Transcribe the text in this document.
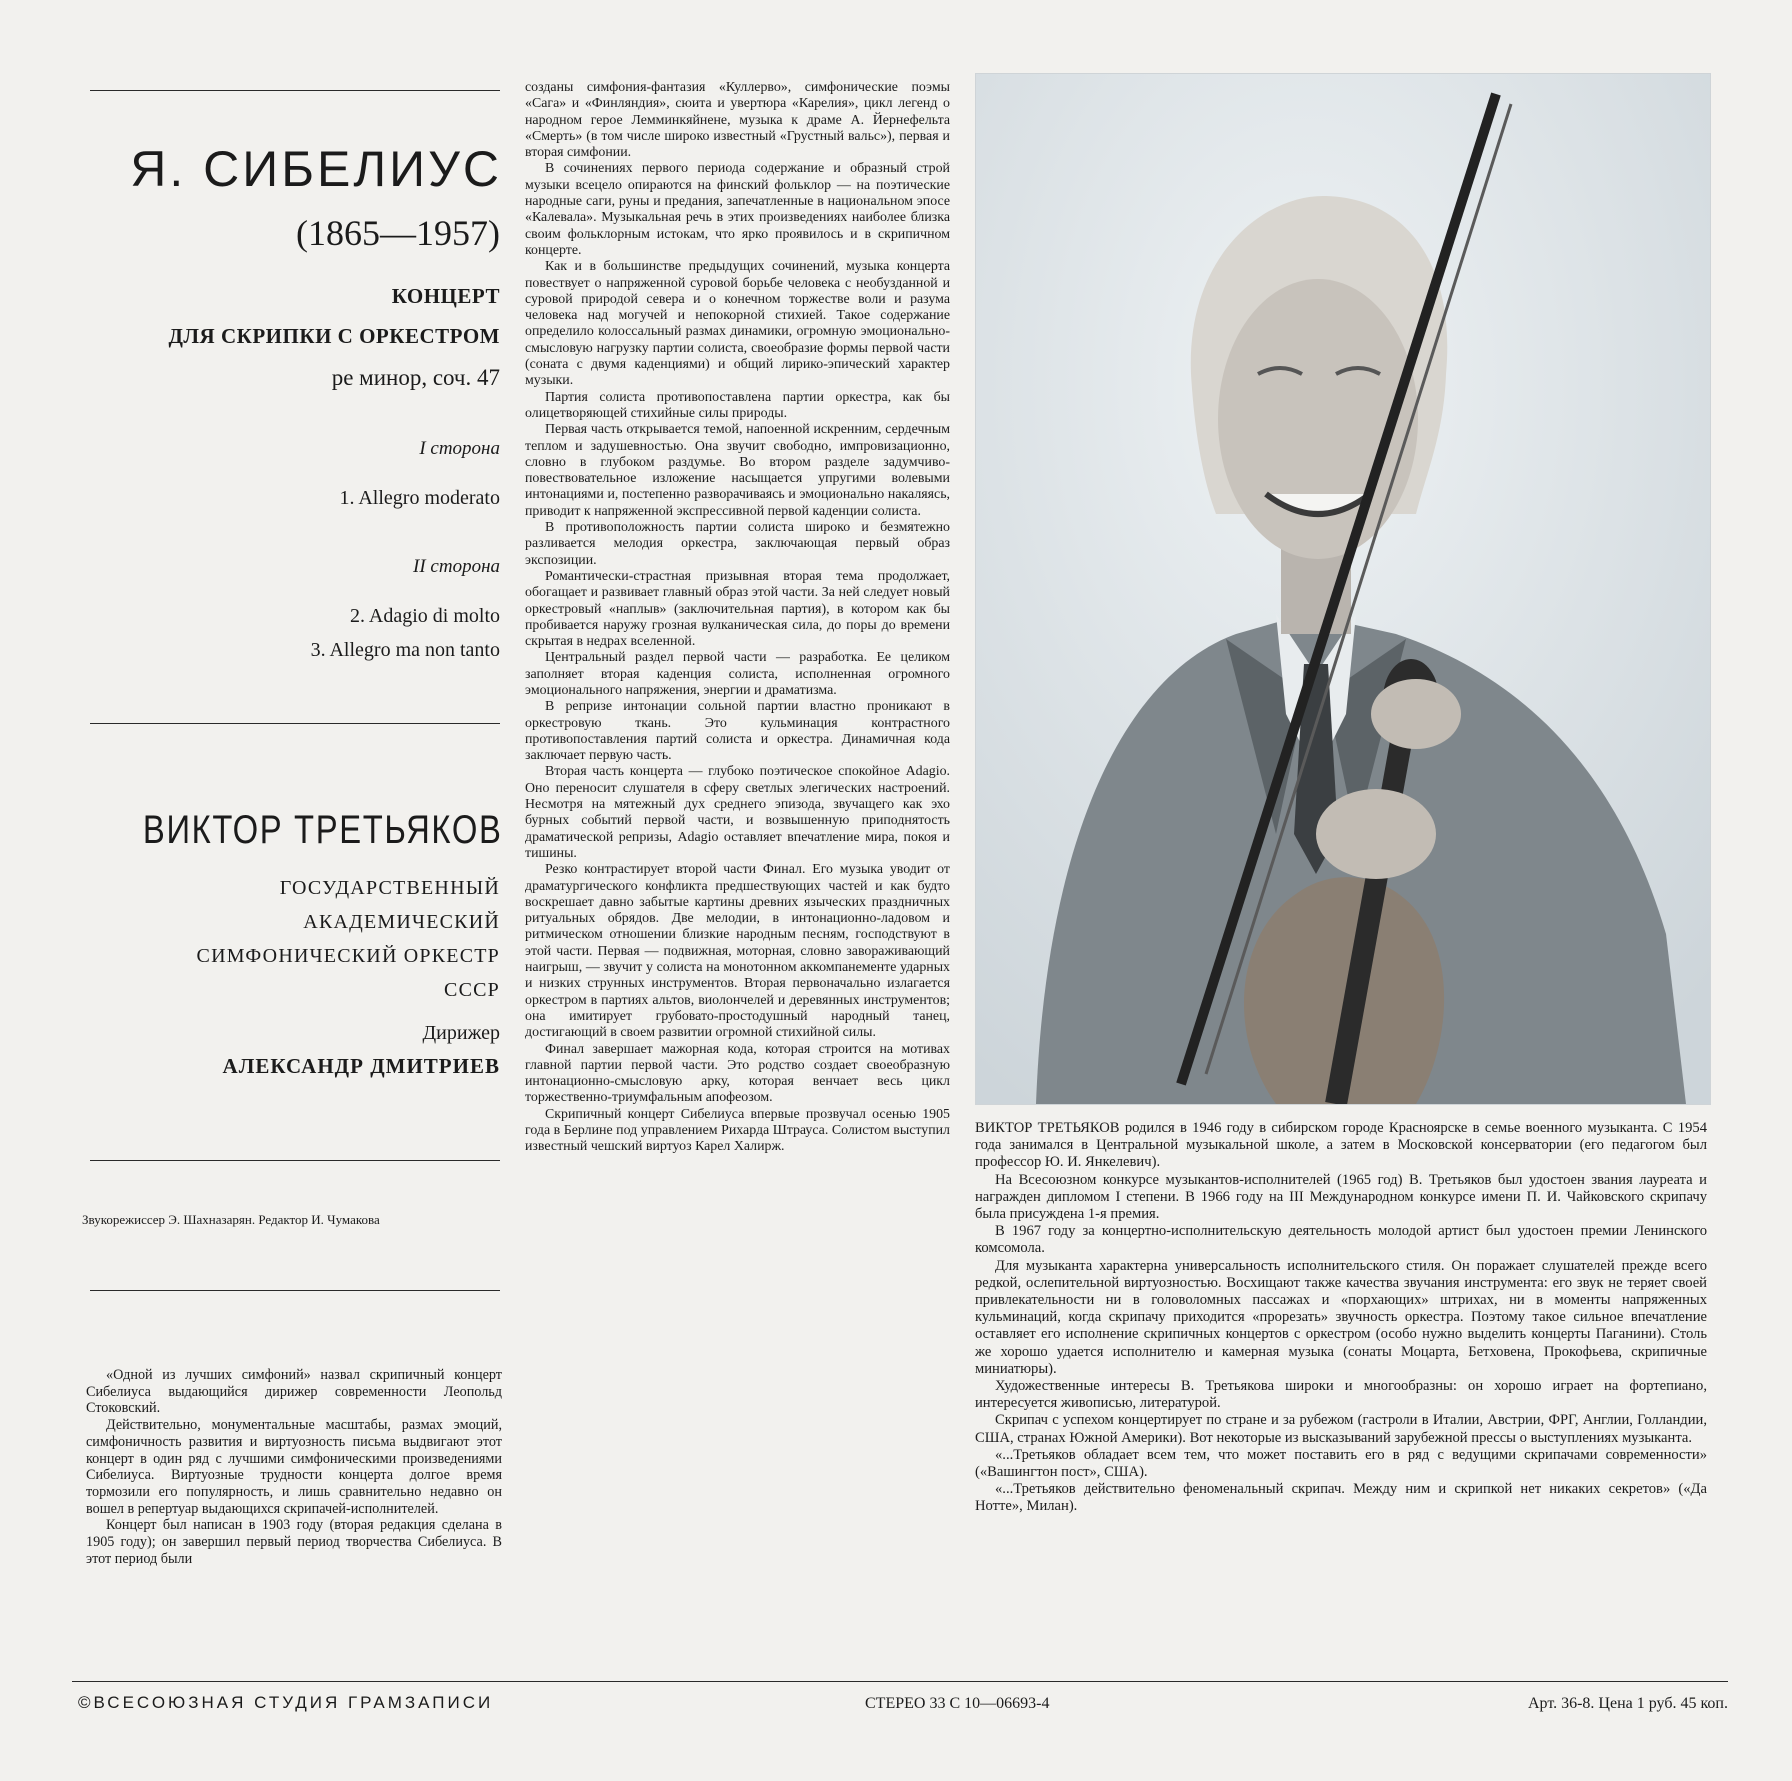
Я. СИБЕЛИУС
(1865—1957)
КОНЦЕРТ
ДЛЯ СКРИПКИ С ОРКЕСТРОМ
ре минор, соч. 47
I сторона
1. Allegro moderato
II сторона
2. Adagio di molto
3. Allegro ma non tanto
ВИКТОР ТРЕТЬЯКОВ
ГОСУДАРСТВЕННЫЙ
АКАДЕМИЧЕСКИЙ
СИМФОНИЧЕСКИЙ ОРКЕСТР
СССР
Дирижер
АЛЕКСАНДР ДМИТРИЕВ
Звукорежиссер Э. Шахназарян. Редактор И. Чумакова

«Одной из лучших симфоний» назвал скрипичный концерт Сибелиуса выдающийся дирижер современности Леопольд Стоковский.

Действительно, монументальные масштабы, размах эмоций, симфоничность развития и виртуозность письма выдвигают этот концерт в один ряд с лучшими симфоническими произведениями Сибелиуса. Виртуозные трудности концерта долгое время тормозили его популярность, и лишь сравнительно недавно он вошел в репертуар выдающихся скрипачей-исполнителей.

Концерт был написан в 1903 году (вторая редакция сделана в 1905 году); он завершил первый период творчества Сибелиуса. В этот период были

созданы симфония-фантазия «Куллерво», симфонические поэмы «Сага» и «Финляндия», сюита и увертюра «Карелия», цикл легенд о народном герое Лемминкяйнене, музыка к драме А. Йернефельта «Смерть» (в том числе широко известный «Грустный вальс»), первая и вторая симфонии.

В сочинениях первого периода содержание и образный строй музыки всецело опираются на финский фольклор — на поэтические народные саги, руны и предания, запечатленные в национальном эпосе «Калевала». Музыкальная речь в этих произведениях наиболее близка своим фольклорным истокам, что ярко проявилось и в скрипичном концерте.

Как и в большинстве предыдущих сочинений, музыка концерта повествует о напряженной суровой борьбе человека с необузданной и суровой природой севера и о конечном торжестве воли и разума человека над могучей и непокорной стихией. Такое содержание определило колоссальный размах динамики, огромную эмоционально-смысловую нагрузку партии солиста, своеобразие формы первой части (соната с двумя каденциями) и общий лирико-эпический характер музыки.

Партия солиста противопоставлена партии оркестра, как бы олицетворяющей стихийные силы природы.

Первая часть открывается темой, напоенной искренним, сердечным теплом и задушевностью. Она звучит свободно, импровизационно, словно в глубоком раздумье. Во втором разделе задумчиво-повествовательное изложение насыщается упругими волевыми интонациями и, постепенно разворачиваясь и эмоционально накаляясь, приводит к напряженной экспрессивной первой каденции солиста.

В противоположность партии солиста широко и безмятежно разливается мелодия оркестра, заключающая первый образ экспозиции.

Романтически-страстная призывная вторая тема продолжает, обогащает и развивает главный образ этой части. За ней следует новый оркестровый «наплыв» (заключительная партия), в котором как бы пробивается наружу грозная вулканическая сила, до поры до времени скрытая в недрах вселенной.

Центральный раздел первой части — разработка. Ее целиком заполняет вторая каденция солиста, исполненная огромного эмоционального напряжения, энергии и драматизма.

В репризе интонации сольной партии властно проникают в оркестровую ткань. Это кульминация контрастного противопоставления партий солиста и оркестра. Динамичная кода заключает первую часть.

Вторая часть концерта — глубоко поэтическое спокойное Adagio. Оно переносит слушателя в сферу светлых элегических настроений. Несмотря на мятежный дух среднего эпизода, звучащего как эхо бурных событий первой части, и возвышенную приподнятость драматической репризы, Adagio оставляет впечатление мира, покоя и тишины.

Резко контрастирует второй части Финал. Его музыка уводит от драматургического конфликта предшествующих частей и как будто воскрешает давно забытые картины древних языческих праздничных ритуальных обрядов. Две мелодии, в интонационно-ладовом и ритмическом отношении близкие народным песням, господствуют в этой части. Первая — подвижная, моторная, словно завораживающий наигрыш, — звучит у солиста на монотонном аккомпанементе ударных и низких струнных инструментов. Вторая первоначально излагается оркестром в партиях альтов, виолончелей и деревянных инструментов; она имитирует грубовато-простодушный народный танец, достигающий в своем развитии огромной стихийной силы.

Финал завершает мажорная кода, которая строится на мотивах главной партии первой части. Это родство создает своеобразную интонационно-смысловую арку, которая венчает весь цикл торжественно-триумфальным апофеозом.

Скрипичный концерт Сибелиуса впервые прозвучал осенью 1905 года в Берлине под управлением Рихарда Штрауса. Солистом выступил известный чешский виртуоз Карел Халирж.

ВИКТОР ТРЕТЬЯКОВ родился в 1946 году в сибирском городе Красноярске в семье военного музыканта. С 1954 года занимался в Центральной музыкальной школе, а затем в Московской консерватории (его педагогом был профессор Ю. И. Янкелевич).

На Всесоюзном конкурсе музыкантов-исполнителей (1965 год) В. Третьяков был удостоен звания лауреата и награжден дипломом I степени. В 1966 году на III Международном конкурсе имени П. И. Чайковского скрипачу была присуждена 1-я премия.

В 1967 году за концертно-исполнительскую деятельность молодой артист был удостоен премии Ленинского комсомола.

Для музыканта характерна универсальность исполнительского стиля. Он поражает слушателей прежде всего редкой, ослепительной виртуозностью. Восхищают также качества звучания инструмента: его звук не теряет своей привлекательности ни в головоломных пассажах и «порхающих» штрихах, ни в моменты напряженных кульминаций, когда скрипачу приходится «прорезать» звучность оркестра. Поэтому такое сильное впечатление оставляет его исполнение скрипичных концертов с оркестром (особо нужно выделить концерты Паганини). Столь же хорошо удается исполнителю и камерная музыка (сонаты Моцарта, Бетховена, Прокофьева, скрипичные миниатюры).

Художественные интересы В. Третьякова широки и многообразны: он хорошо играет на фортепиано, интересуется живописью, литературой.

Скрипач с успехом концертирует по стране и за рубежом (гастроли в Италии, Австрии, ФРГ, Англии, Голландии, США, странах Южной Америки). Вот некоторые из высказываний зарубежной прессы о выступлениях музыканта.

«...Третьяков обладает всем тем, что может поставить его в ряд с ведущими скрипачами современности» («Вашингтон пост», США).

«...Третьяков действительно феноменальный скрипач. Между ним и скрипкой нет никаких секретов» («Да Нотте», Милан).

©ВСЕСОЮЗНАЯ СТУДИЯ ГРАМЗАПИСИ	СТЕРЕО 33 С 10—06693-4	Арт. 36-8. Цена 1 руб. 45 коп.
